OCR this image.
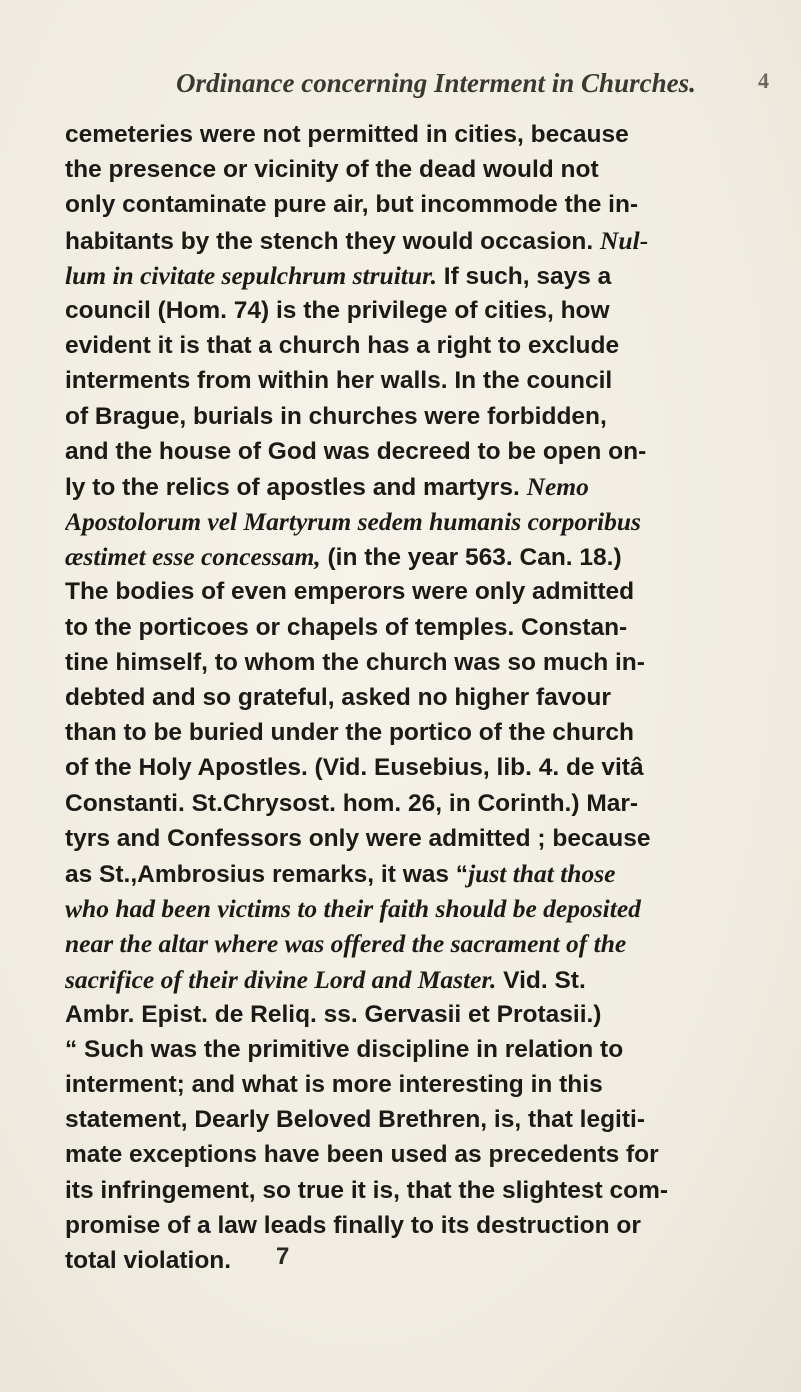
Ordinance concerning Interment in Churches.	4
cemeteries were not permitted in cities, because
the presence or vicinity of the dead would not
only contaminate pure air, but incommode the in-
habitants by the stench they would occasion. Nul-
lum in civitate sepulchrum struitur. If such, says a
council (Hom. 74) is the privilege of cities, how
evident it is that a church has a right to exclude
interments from within her walls. In the council
of Brague, burials in churches were forbidden,
and the house of God was decreed to be open on-
ly to the relics of apostles and martyrs. Nemo
Apostolorum vel Martyrum sedem humanis corporibus
æstimet esse concessam, (in the year 563. Can. 18.)
The bodies of even emperors were only admitted
to the porticoes or chapels of temples. Constan-
tine himself, to whom the church was so much in-
debted and so grateful, asked no higher favour
than to be buried under the portico of the church
of the Holy Apostles. (Vid. Eusebius, lib. 4. de vitâ
Constanti. St.Chrysost. hom. 26, in Corinth.) Mar-
tyrs and Confessors only were admitted ; because
as St.,Ambrosius remarks, it was “just that those
who had been victims to their faith should be deposited
near the altar where was offered the sacrament of the
sacrifice of their divine Lord and Master. Vid. St.
Ambr. Epist. de Reliq. ss. Gervasii et Protasii.)
“ Such was the primitive discipline in relation to
interment; and what is more interesting in this
statement, Dearly Beloved Brethren, is, that legiti-
mate exceptions have been used as precedents for
its infringement, so true it is, that the slightest com-
promise of a law leads finally to its destruction or
total violation.	7
